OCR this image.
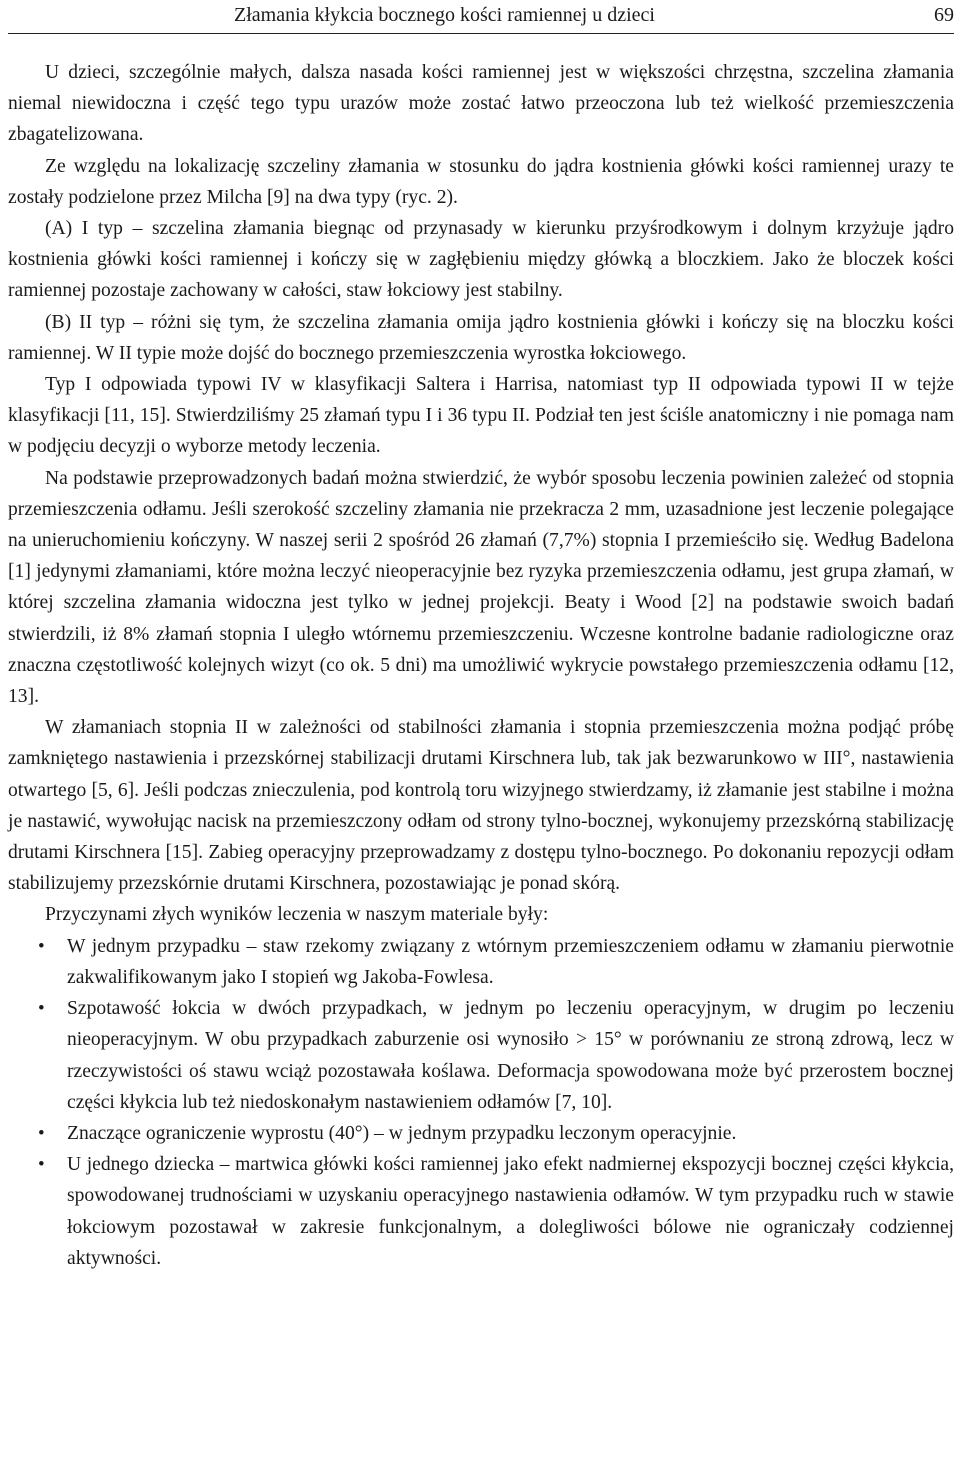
Złamania kłykcia bocznego kości ramiennej u dzieci	69

U dzieci, szczególnie małych, dalsza nasada kości ramiennej jest w większości chrzęstna, szczelina złamania niemal niewidoczna i część tego typu urazów może zostać łatwo przeoczona lub też wielkość przemieszczenia zbagatelizowana.

Ze względu na lokalizację szczeliny złamania w stosunku do jądra kostnienia główki kości ramiennej urazy te zostały podzielone przez Milcha [9] na dwa typy (ryc. 2).

(A) I typ – szczelina złamania biegnąc od przynasady w kierunku przyśrodkowym i dolnym krzyżuje jądro kostnienia główki kości ramiennej i kończy się w zagłębieniu między główką a bloczkiem. Jako że bloczek kości ramiennej pozostaje zachowany w całości, staw łokciowy jest stabilny.

(B) II typ – różni się tym, że szczelina złamania omija jądro kostnienia główki i kończy się na bloczku kości ramiennej. W II typie może dojść do bocznego przemieszczenia wyrostka łokciowego.

Typ I odpowiada typowi IV w klasyfikacji Saltera i Harrisa, natomiast typ II odpowiada typowi II w tejże klasyfikacji [11, 15]. Stwierdziliśmy 25 złamań typu I i 36 typu II. Podział ten jest ściśle anatomiczny i nie pomaga nam w podjęciu decyzji o wyborze metody leczenia.

Na podstawie przeprowadzonych badań można stwierdzić, że wybór sposobu leczenia powinien zależeć od stopnia przemieszczenia odłamu. Jeśli szerokość szczeliny złamania nie przekracza 2 mm, uzasadnione jest leczenie polegające na unieruchomieniu kończyny. W naszej serii 2 spośród 26 złamań (7,7%) stopnia I przemieściło się. Według Badelona [1] jedynymi złamaniami, które można leczyć nieoperacyjnie bez ryzyka przemieszczenia odłamu, jest grupa złamań, w której szczelina złamania widoczna jest tylko w jednej projekcji. Beaty i Wood [2] na podstawie swoich badań stwierdzili, iż 8% złamań stopnia I uległo wtórnemu przemieszczeniu. Wczesne kontrolne badanie radiologiczne oraz znaczna częstotliwość kolejnych wizyt (co ok. 5 dni) ma umożliwić wykrycie powstałego przemieszczenia odłamu [12, 13].

W złamaniach stopnia II w zależności od stabilności złamania i stopnia przemieszczenia można podjąć próbę zamkniętego nastawienia i przezskórnej stabilizacji drutami Kirschnera lub, tak jak bezwarunkowo w III°, nastawienia otwartego [5, 6]. Jeśli podczas znieczulenia, pod kontrolą toru wizyjnego stwierdzamy, iż złamanie jest stabilne i można je nastawić, wywołując nacisk na przemieszczony odłam od strony tylno-bocznej, wykonujemy przezskórną stabilizację drutami Kirschnera [15]. Zabieg operacyjny przeprowadzamy z dostępu tylno-bocznego. Po dokonaniu repozycji odłam stabilizujemy przezskórnie drutami Kirschnera, pozostawiając je ponad skórą.

Przyczynami złych wyników leczenia w naszym materiale były:

• W jednym przypadku – staw rzekomy związany z wtórnym przemieszczeniem odłamu w złamaniu pierwotnie zakwalifikowanym jako I stopień wg Jakoba-Fowlesa.
• Szpotawość łokcia w dwóch przypadkach, w jednym po leczeniu operacyjnym, w drugim po leczeniu nieoperacyjnym. W obu przypadkach zaburzenie osi wynosiło > 15° w porównaniu ze stroną zdrową, lecz w rzeczywistości oś stawu wciąż pozostawała koślawa. Deformacja spowodowana może być przerostem bocznej części kłykcia lub też niedoskonałym nastawieniem odłamów [7, 10].
• Znaczące ograniczenie wyprostu (40°) – w jednym przypadku leczonym operacyjnie.
• U jednego dziecka – martwica główki kości ramiennej jako efekt nadmiernej ekspozycji bocznej części kłykcia, spowodowanej trudnościami w uzyskaniu operacyjnego nastawienia odłamów. W tym przypadku ruch w stawie łokciowym pozostawał w zakresie funkcjonalnym, a dolegliwości bólowe nie ograniczały codziennej aktywności.
